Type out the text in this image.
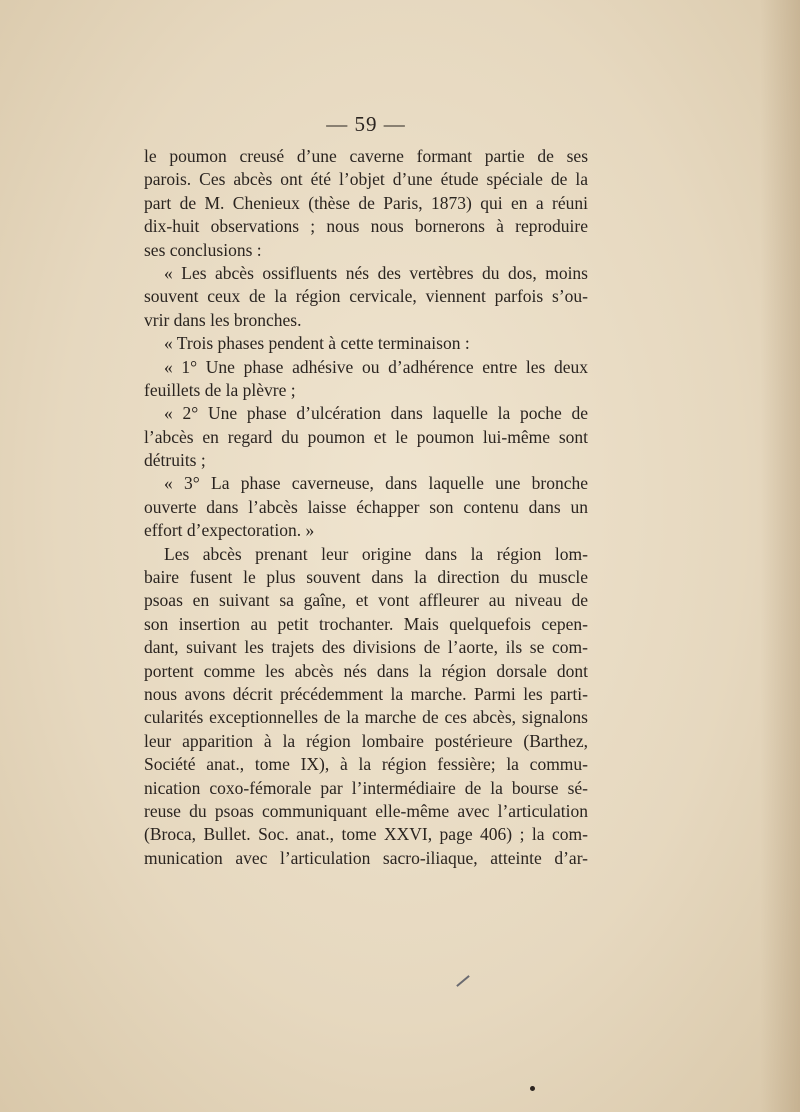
— 59 —
le poumon creusé d’une caverne formant partie de ses
parois. Ces abcès ont été l’objet d’une étude spéciale de la
part de M. Chenieux (thèse de Paris, 1873) qui en a réuni
dix-huit observations ; nous nous bornerons à reproduire
ses conclusions :
« Les abcès ossifluents nés des vertèbres du dos, moins
souvent ceux de la région cervicale, viennent parfois s’ou-
vrir dans les bronches.
« Trois phases pendent à cette terminaison :
« 1° Une phase adhésive ou d’adhérence entre les deux
feuillets de la plèvre ;
« 2° Une phase d’ulcération dans laquelle la poche de
l’abcès en regard du poumon et le poumon lui-même sont
détruits ;
« 3° La phase caverneuse, dans laquelle une bronche
ouverte dans l’abcès laisse échapper son contenu dans un
effort d’expectoration. »
Les abcès prenant leur origine dans la région lom-
baire fusent le plus souvent dans la direction du muscle
psoas en suivant sa gaîne, et vont affleurer au niveau de
son insertion au petit trochanter. Mais quelquefois cepen-
dant, suivant les trajets des divisions de l’aorte, ils se com-
portent comme les abcès nés dans la région dorsale dont
nous avons décrit précédemment la marche. Parmi les parti-
cularités exceptionnelles de la marche de ces abcès, signalons
leur apparition à la région lombaire postérieure (Barthez,
Société anat., tome IX), à la région fessière; la commu-
nication coxo-fémorale par l’intermédiaire de la bourse sé-
reuse du psoas communiquant elle-même avec l’articulation
(Broca, Bullet. Soc. anat., tome XXVI, page 406) ; la com-
munication avec l’articulation sacro-iliaque, atteinte d’ar-
